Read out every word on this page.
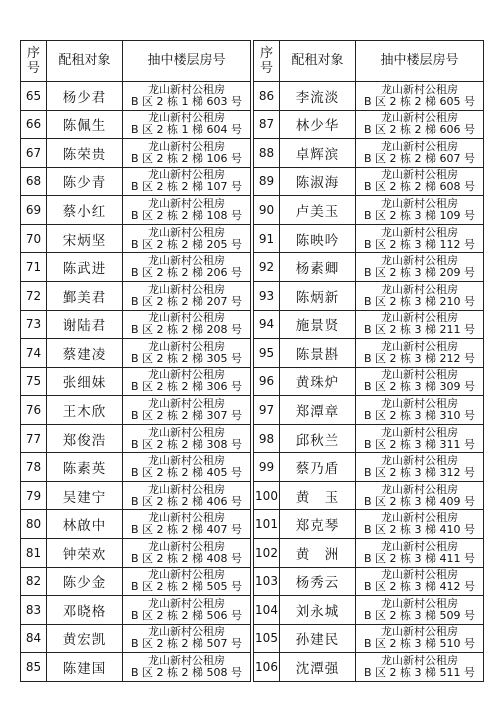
序号	配租对象	抽中楼层房号
65	杨少君	龙山新村公租房
B 区 2 栋 1 梯 603 号

66	陈佩生	龙山新村公租房
B 区 2 栋 1 梯 604 号

67	陈荣贵	龙山新村公租房
B 区 2 栋 2 梯 106 号

68	陈少青	龙山新村公租房
B 区 2 栋 2 梯 107 号

69	蔡小红	龙山新村公租房
B 区 2 栋 2 梯 108 号

70	宋炳坚	龙山新村公租房
B 区 2 栋 2 梯 205 号

71	陈武进	龙山新村公租房
B 区 2 栋 2 梯 206 号

72	鄞美君	龙山新村公租房
B 区 2 栋 2 梯 207 号

73	谢陆君	龙山新村公租房
B 区 2 栋 2 梯 208 号

74	蔡建凌	龙山新村公租房
B 区 2 栋 2 梯 305 号

75	张细妹	龙山新村公租房
B 区 2 栋 2 梯 306 号

76	王木欣	龙山新村公租房
B 区 2 栋 2 梯 307 号

77	郑俊浩	龙山新村公租房
B 区 2 栋 2 梯 308 号

78	陈素英	龙山新村公租房
B 区 2 栋 2 梯 405 号

79	吴建宁	龙山新村公租房
B 区 2 栋 2 梯 406 号

80	林啟中	龙山新村公租房
B 区 2 栋 2 梯 407 号

81	钟荣欢	龙山新村公租房
B 区 2 栋 2 梯 408 号

82	陈少金	龙山新村公租房
B 区 2 栋 2 梯 505 号

83	邓晓格	龙山新村公租房
B 区 2 栋 2 梯 506 号

84	黄宏凯	龙山新村公租房
B 区 2 栋 2 梯 507 号

85	陈建国	龙山新村公租房
B 区 2 栋 2 梯 508 号
序号	配租对象	抽中楼层房号
86	李流淡	龙山新村公租房
B 区 2 栋 2 梯 605 号

87	林少华	龙山新村公租房
B 区 2 栋 2 梯 606 号

88	卓辉滨	龙山新村公租房
B 区 2 栋 2 梯 607 号

89	陈淑海	龙山新村公租房
B 区 2 栋 2 梯 608 号

90	卢美玉	龙山新村公租房
B 区 2 栋 3 梯 109 号

91	陈映吟	龙山新村公租房
B 区 2 栋 3 梯 112 号

92	杨素卿	龙山新村公租房
B 区 2 栋 3 梯 209 号

93	陈炳新	龙山新村公租房
B 区 2 栋 3 梯 210 号

94	施景贤	龙山新村公租房
B 区 2 栋 3 梯 211 号

95	陈景斟	龙山新村公租房
B 区 2 栋 3 梯 212 号

96	黄珠炉	龙山新村公租房
B 区 2 栋 3 梯 309 号

97	郑潭章	龙山新村公租房
B 区 2 栋 3 梯 310 号

98	邱秋兰	龙山新村公租房
B 区 2 栋 3 梯 311 号

99	蔡乃盾	龙山新村公租房
B 区 2 栋 3 梯 312 号

100	黄　玉	龙山新村公租房
B 区 2 栋 3 梯 409 号

101	郑克琴	龙山新村公租房
B 区 2 栋 3 梯 410 号

102	黄　洲	龙山新村公租房
B 区 2 栋 3 梯 411 号

103	杨秀云	龙山新村公租房
B 区 2 栋 3 梯 412 号

104	刘永城	龙山新村公租房
B 区 2 栋 3 梯 509 号

105	孙建民	龙山新村公租房
B 区 2 栋 3 梯 510 号

106	沈潭强	龙山新村公租房
B 区 2 栋 3 梯 511 号
